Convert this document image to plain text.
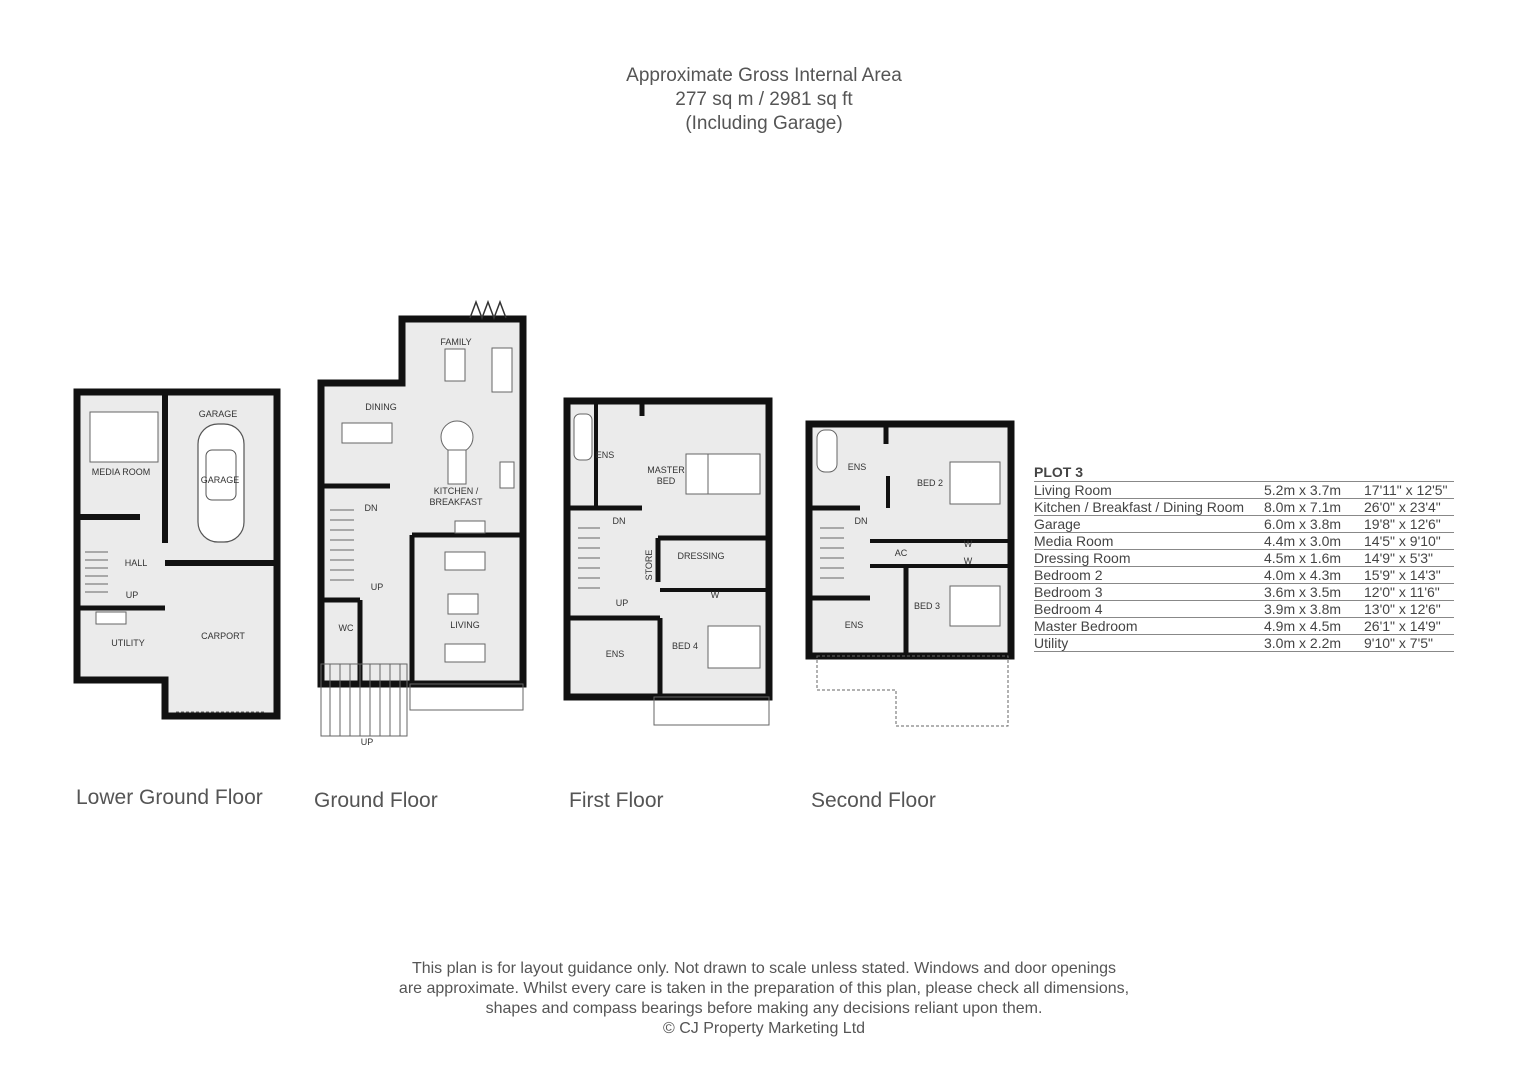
Approximate Gross Internal Area
277 sq m / 2981 sq ft
(Including Garage)
GARAGE
GARAGE
MEDIA ROOM
HALL
UP
UTILITY
CARPORT
FAMILY
DINING
KITCHEN /
BREAKFAST
DN
UP
WC	LIVING
UP
ENS
MASTER
BED
DN
STORE	DRESSING
UP
W
ENS
BED 4
ENS
BED 2
DN
AC
W
W
BED 3
ENS
Lower Ground Floor Ground Floor	First Floor	Second Floor
PLOT 3
Living Room	5.2m x 3.7m	17'11" x 12'5"
Kitchen / Breakfast / Dining Room	8.0m x 7.1m	26'0" x 23'4"
Garage	6.0m x 3.8m	19'8" x 12'6"
Media Room	4.4m x 3.0m	14'5" x 9'10"
Dressing Room	4.5m x 1.6m	14'9" x 5'3"
Bedroom 2	4.0m x 4.3m	15'9" x 14'3"
Bedroom 3	3.6m x 3.5m	12'0" x 11'6"
Bedroom 4	3.9m x 3.8m	13'0" x 12'6"
Master Bedroom	4.9m x 4.5m	26'1" x 14'9"
Utility	3.0m x 2.2m	9'10" x 7'5"
This plan is for layout guidance only. Not drawn to scale unless stated. Windows and door openings
are approximate. Whilst every care is taken in the preparation of this plan, please check all dimensions,
shapes and compass bearings before making any decisions reliant upon them.
© CJ Property Marketing Ltd
